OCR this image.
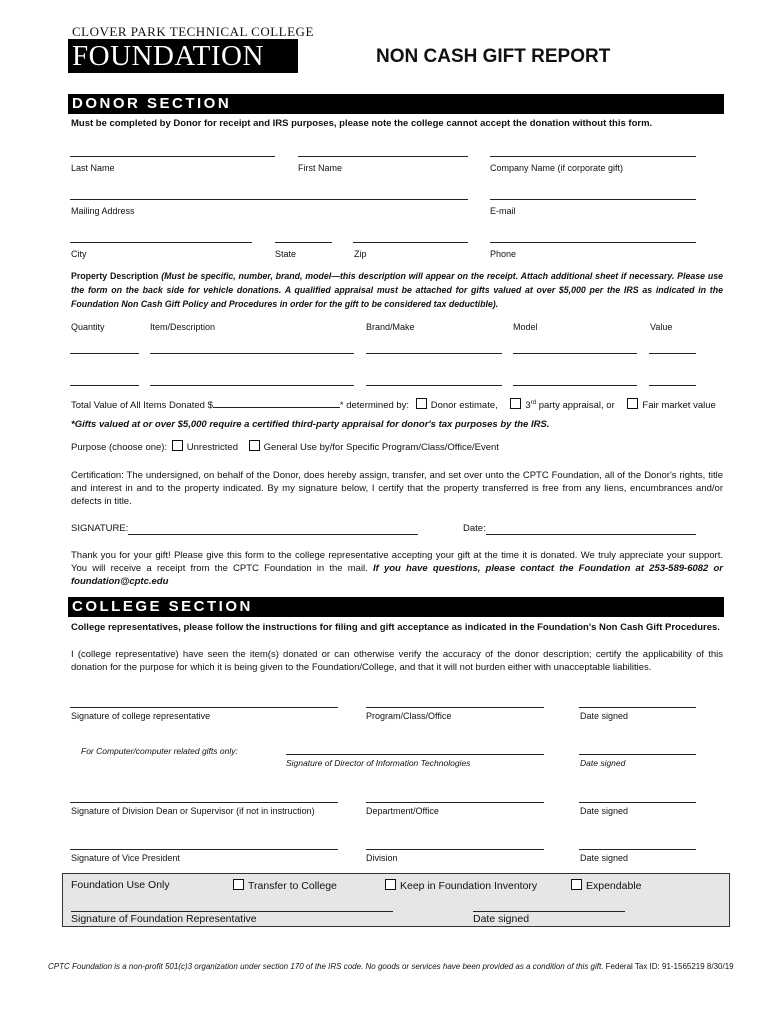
CLOVER PARK TECHNICAL COLLEGE
FOUNDATION	NON CASH GIFT REPORT
DONOR SECTION
Must be completed by Donor for receipt and IRS purposes, please note the college cannot accept the donation without this form.
Last Name	First Name	Company Name (if corporate gift)
Mailing Address	E-mail
City	State	Zip	Phone
Property Description (Must be specific, number, brand, model—this description will appear on the receipt. Attach additional sheet if necessary. Please use the form on the back side for vehicle donations. A qualified appraisal must be attached for gifts valued at over $5,000 per the IRS as indicated in the Foundation Non Cash Gift Policy and Procedures in order for the gift to be considered tax deductible).
Quantity	Item/Description	Brand/Make	Model	Value
Total Value of All Items Donated $	* determined by: Donor estimate,	3rd party appraisal, or	Fair market value
*Gifts valued at or over $5,000 require a certified third-party appraisal for donor's tax purposes by the IRS.
Purpose (choose one): Unrestricted	General Use by/for Specific Program/Class/Office/Event
Certification: The undersigned, on behalf of the Donor, does hereby assign, transfer, and set over unto the CPTC Foundation, all of the Donor's rights, title and interest in and to the property indicated. By my signature below, I certify that the property transferred is free from any liens, encumbrances and/or defects in title.
SIGNATURE:	Date:
Thank you for your gift! Please give this form to the college representative accepting your gift at the time it is donated. We truly appreciate your support. You will receive a receipt from the CPTC Foundation in the mail. If you have questions, please contact the Foundation at 253-589-6082 or foundation@cptc.edu
COLLEGE SECTION
College representatives, please follow the instructions for filing and gift acceptance as indicated in the Foundation's Non Cash Gift Procedures.
I (college representative) have seen the item(s) donated or can otherwise verify the accuracy of the donor description; certify the applicability of this donation for the purpose for which it is being given to the Foundation/College, and that it will not burden either with unacceptable liabilities.
Signature of college representative	Program/Class/Office	Date signed
For Computer/computer related gifts only:
Signature of Director of Information Technologies	Date signed
Signature of Division Dean or Supervisor (if not in instruction)	Department/Office	Date signed
Signature of Vice President	Division	Date signed
Foundation Use Only	Transfer to College	Keep in Foundation Inventory	Expendable
Signature of Foundation Representative	Date signed
CPTC Foundation is a non-profit 501(c)3 organization under section 170 of the IRS code. No goods or services have been provided as a condition of this gift. Federal Tax ID: 91-1565219 8/30/19
